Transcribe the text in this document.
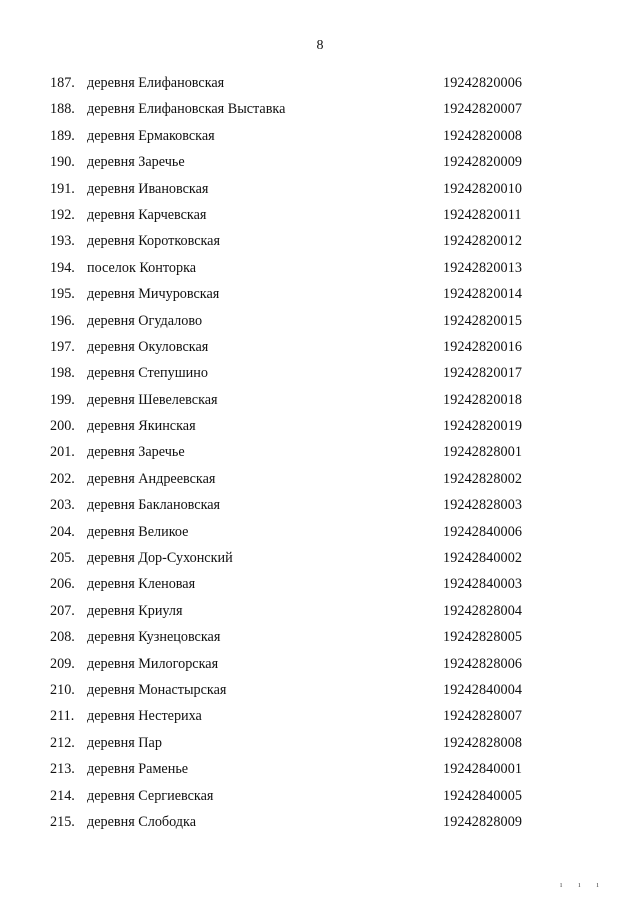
8
187. деревня Елифановская	19242820006
188. деревня Елифановская Выставка	19242820007
189. деревня Ермаковская	19242820008
190. деревня Заречье	19242820009
191. деревня Ивановская	19242820010
192. деревня Карчевская	19242820011
193. деревня Коротковская	19242820012
194. поселок Конторка	19242820013
195. деревня Мичуровская	19242820014
196. деревня Огудалово	19242820015
197. деревня Окуловская	19242820016
198. деревня Степушино	19242820017
199. деревня Шевелевская	19242820018
200. деревня Якинская	19242820019
201. деревня Заречье	19242828001
202. деревня Андреевская	19242828002
203. деревня Баклановская	19242828003
204. деревня Великое	19242840006
205. деревня Дор-Сухонский	19242840002
206. деревня Кленовая	19242840003
207. деревня Криуля	19242828004
208. деревня Кузнецовская	19242828005
209. деревня Милогорская	19242828006
210. деревня Монастырская	19242840004
211. деревня Нестериха	19242828007
212. деревня Пар	19242828008
213. деревня Раменье	19242840001
214. деревня Сергиевская	19242840005
215. деревня Слободка	19242828009
ı ı ı
